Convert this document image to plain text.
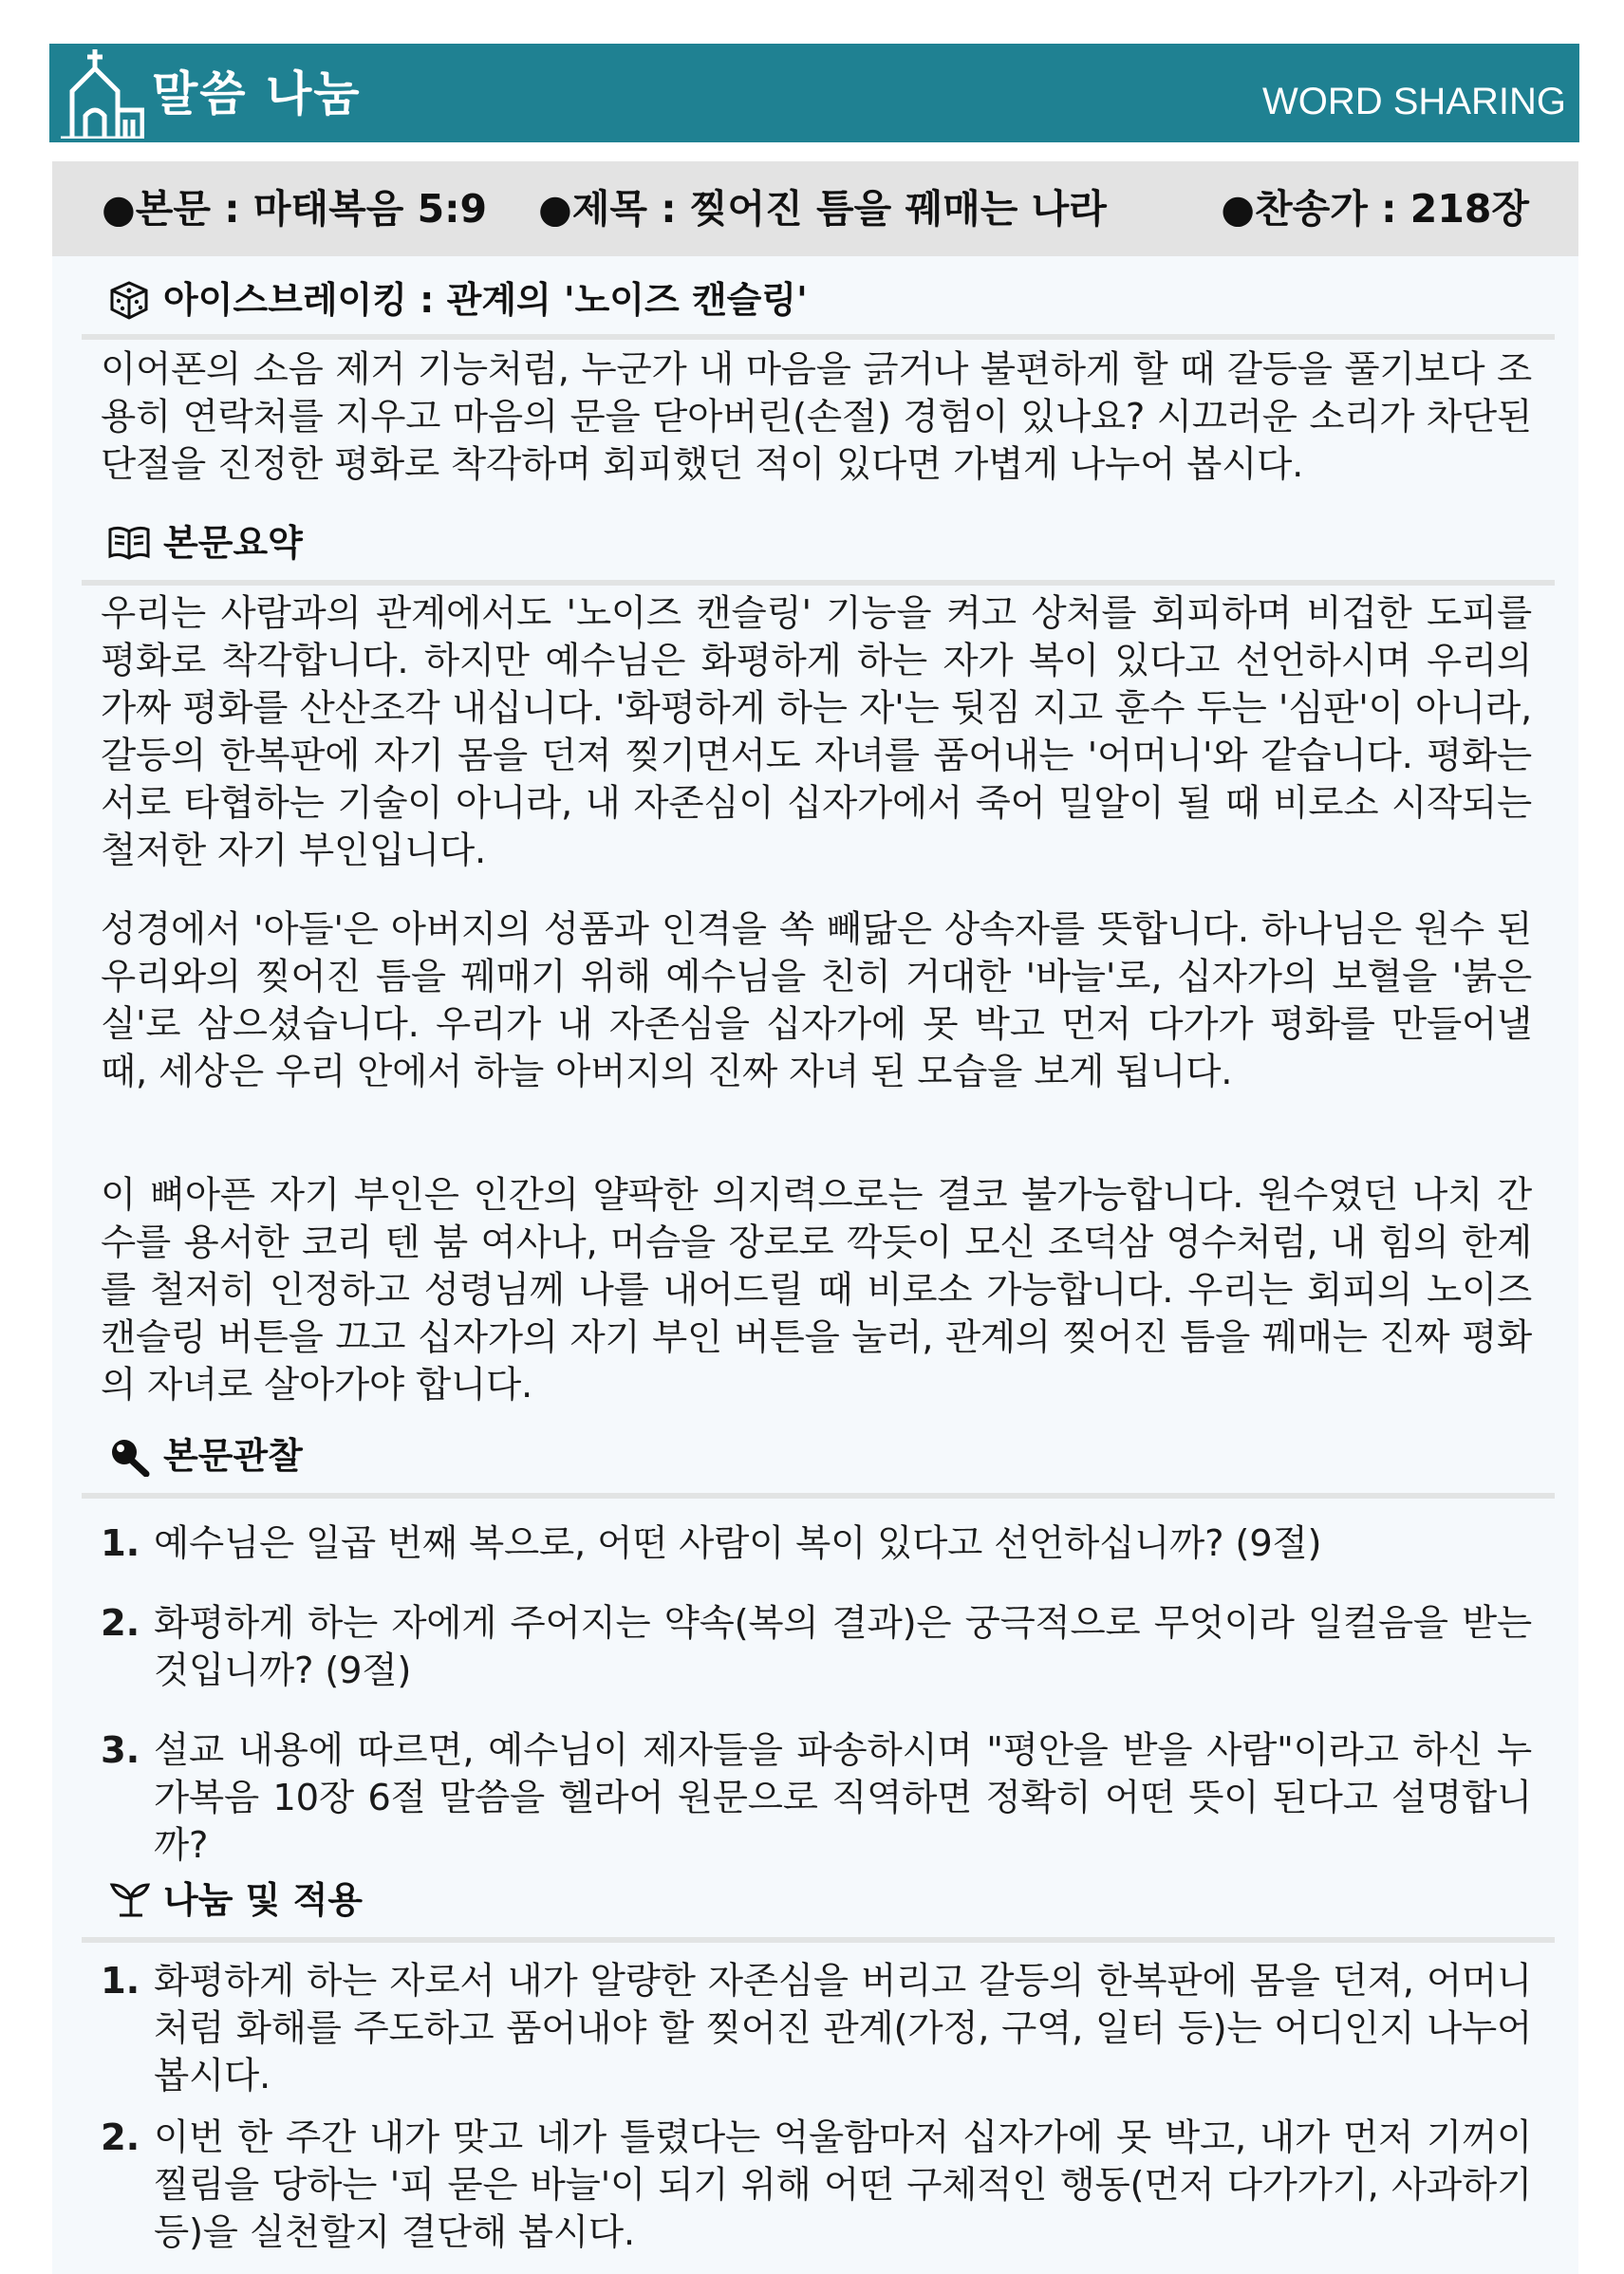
말씀 나눔	WORD SHARING
●본문 : 마태복음 5:9 ●제목 : 찢어진 틈을 꿰매는 나라	●찬송가 : 218장
아이스브레이킹 : 관계의 '노이즈 캔슬링'
이어폰의 소음 제거 기능처럼, 누군가 내 마음을 긁거나 불편하게 할 때 갈등을 풀기보다 조용히 연락처를 지우고 마음의 문을 닫아버린(손절) 경험이 있나요? 시끄러운 소리가 차단된 단절을 진정한 평화로 착각하며 회피했던 적이 있다면 가볍게 나누어 봅시다.
본문요약
우리는 사람과의 관계에서도 '노이즈 캔슬링' 기능을 켜고 상처를 회피하며 비겁한 도피를 평화로 착각합니다. 하지만 예수님은 화평하게 하는 자가 복이 있다고 선언하시며 우리의 가짜 평화를 산산조각 내십니다. '화평하게 하는 자'는 뒷짐 지고 훈수 두는 '심판'이 아니라, 갈등의 한복판에 자기 몸을 던져 찢기면서도 자녀를 품어내는 '어머니'와 같습니다. 평화는 서로 타협하는 기술이 아니라, 내 자존심이 십자가에서 죽어 밀알이 될 때 비로소 시작되는 철저한 자기 부인입니다.
성경에서 '아들'은 아버지의 성품과 인격을 쏙 빼닮은 상속자를 뜻합니다. 하나님은 원수 된 우리와의 찢어진 틈을 꿰매기 위해 예수님을 친히 거대한 '바늘'로, 십자가의 보혈을 '붉은 실'로 삼으셨습니다. 우리가 내 자존심을 십자가에 못 박고 먼저 다가가 평화를 만들어낼 때, 세상은 우리 안에서 하늘 아버지의 진짜 자녀 된 모습을 보게 됩니다.
이 뼈아픈 자기 부인은 인간의 얄팍한 의지력으로는 결코 불가능합니다. 원수였던 나치 간수를 용서한 코리 텐 붐 여사나, 머슴을 장로로 깍듯이 모신 조덕삼 영수처럼, 내 힘의 한계를 철저히 인정하고 성령님께 나를 내어드릴 때 비로소 가능합니다. 우리는 회피의 노이즈 캔슬링 버튼을 끄고 십자가의 자기 부인 버튼을 눌러, 관계의 찢어진 틈을 꿰매는 진짜 평화의 자녀로 살아가야 합니다.
본문관찰
1. 예수님은 일곱 번째 복으로, 어떤 사람이 복이 있다고 선언하십니까? (9절)
2. 화평하게 하는 자에게 주어지는 약속(복의 결과)은 궁극적으로 무엇이라 일컬음을 받는 것입니까? (9절)
3. 설교 내용에 따르면, 예수님이 제자들을 파송하시며 "평안을 받을 사람"이라고 하신 누가복음 10장 6절 말씀을 헬라어 원문으로 직역하면 정확히 어떤 뜻이 된다고 설명합니까?
나눔 및 적용
1. 화평하게 하는 자로서 내가 알량한 자존심을 버리고 갈등의 한복판에 몸을 던져, 어머니처럼 화해를 주도하고 품어내야 할 찢어진 관계(가정, 구역, 일터 등)는 어디인지 나누어 봅시다.
2. 이번 한 주간 내가 맞고 네가 틀렸다는 억울함마저 십자가에 못 박고, 내가 먼저 기꺼이 찔림을 당하는 '피 묻은 바늘'이 되기 위해 어떤 구체적인 행동(먼저 다가가기, 사과하기 등)을 실천할지 결단해 봅시다.
